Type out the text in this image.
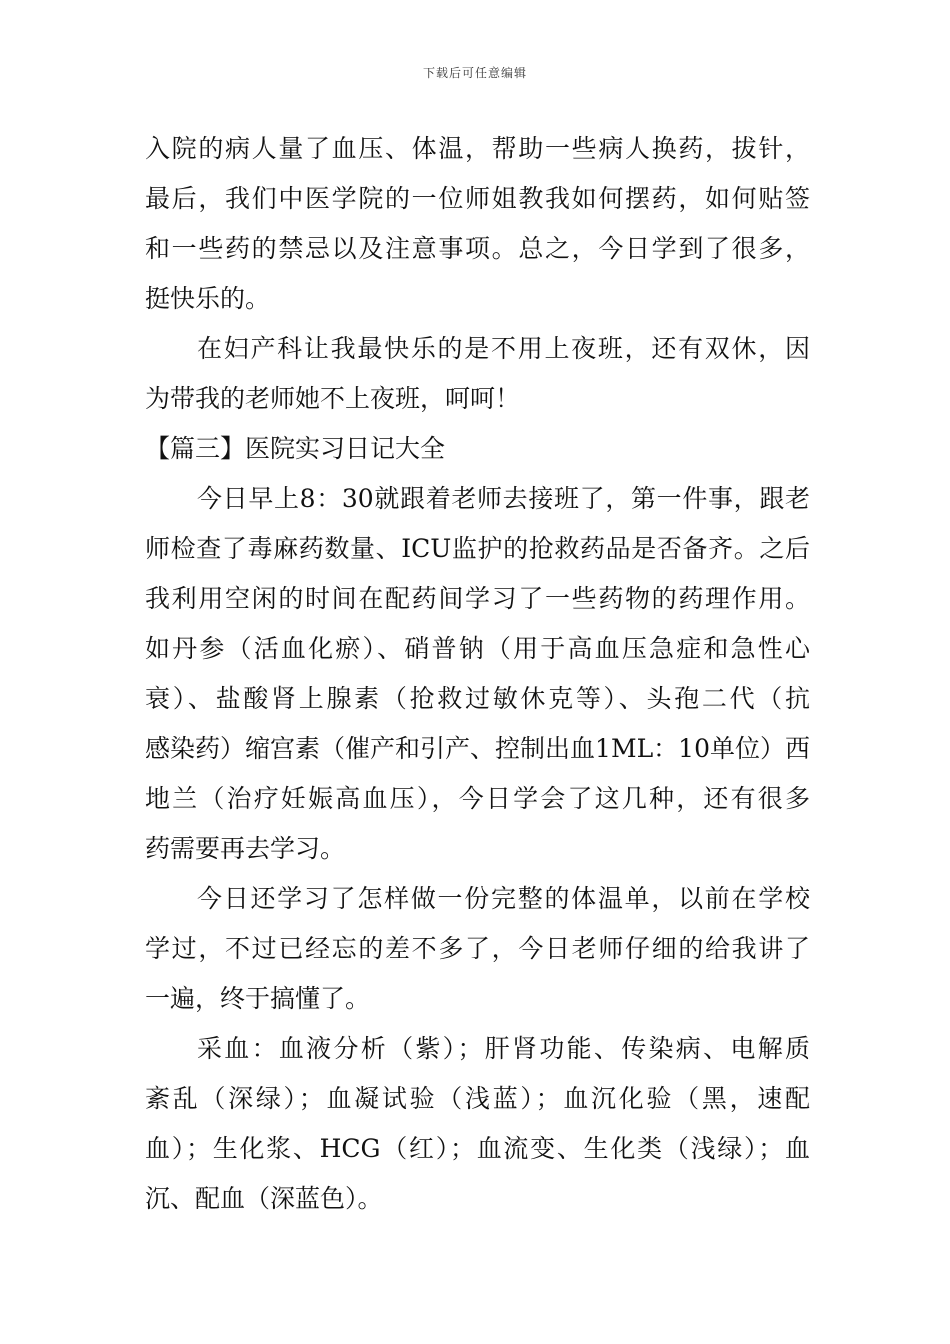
下载后可任意编辑
入院的病人量了血压、体温，帮助一些病人换药，拔针，
最后，我们中医学院的一位师姐教我如何摆药，如何贴签
和一些药的禁忌以及注意事项。总之，今日学到了很多，
挺快乐的。
在妇产科让我最快乐的是不用上夜班，还有双休，因
为带我的老师她不上夜班，呵呵！
【篇三】医院实习日记大全
今日早上8：30就跟着老师去接班了，第一件事，跟老
师检查了毒麻药数量、ICU监护的抢救药品是否备齐。之后
我利用空闲的时间在配药间学习了一些药物的药理作用。
如丹参（活血化瘀）、硝普钠（用于高血压急症和急性心
衰）、盐酸肾上腺素（抢救过敏休克等）、头孢二代（抗
感染药）缩宫素（催产和引产、控制出血1ML：10单位）西
地兰（治疗妊娠高血压），今日学会了这几种，还有很多
药需要再去学习。
今日还学习了怎样做一份完整的体温单，以前在学校
学过，不过已经忘的差不多了，今日老师仔细的给我讲了
一遍，终于搞懂了。
采血：血液分析（紫）；肝肾功能、传染病、电解质
紊乱（深绿）；血凝试验（浅蓝）；血沉化验（黑，速配
血）；生化浆、HCG（红）；血流变、生化类（浅绿）；血
沉、配血（深蓝色）。
